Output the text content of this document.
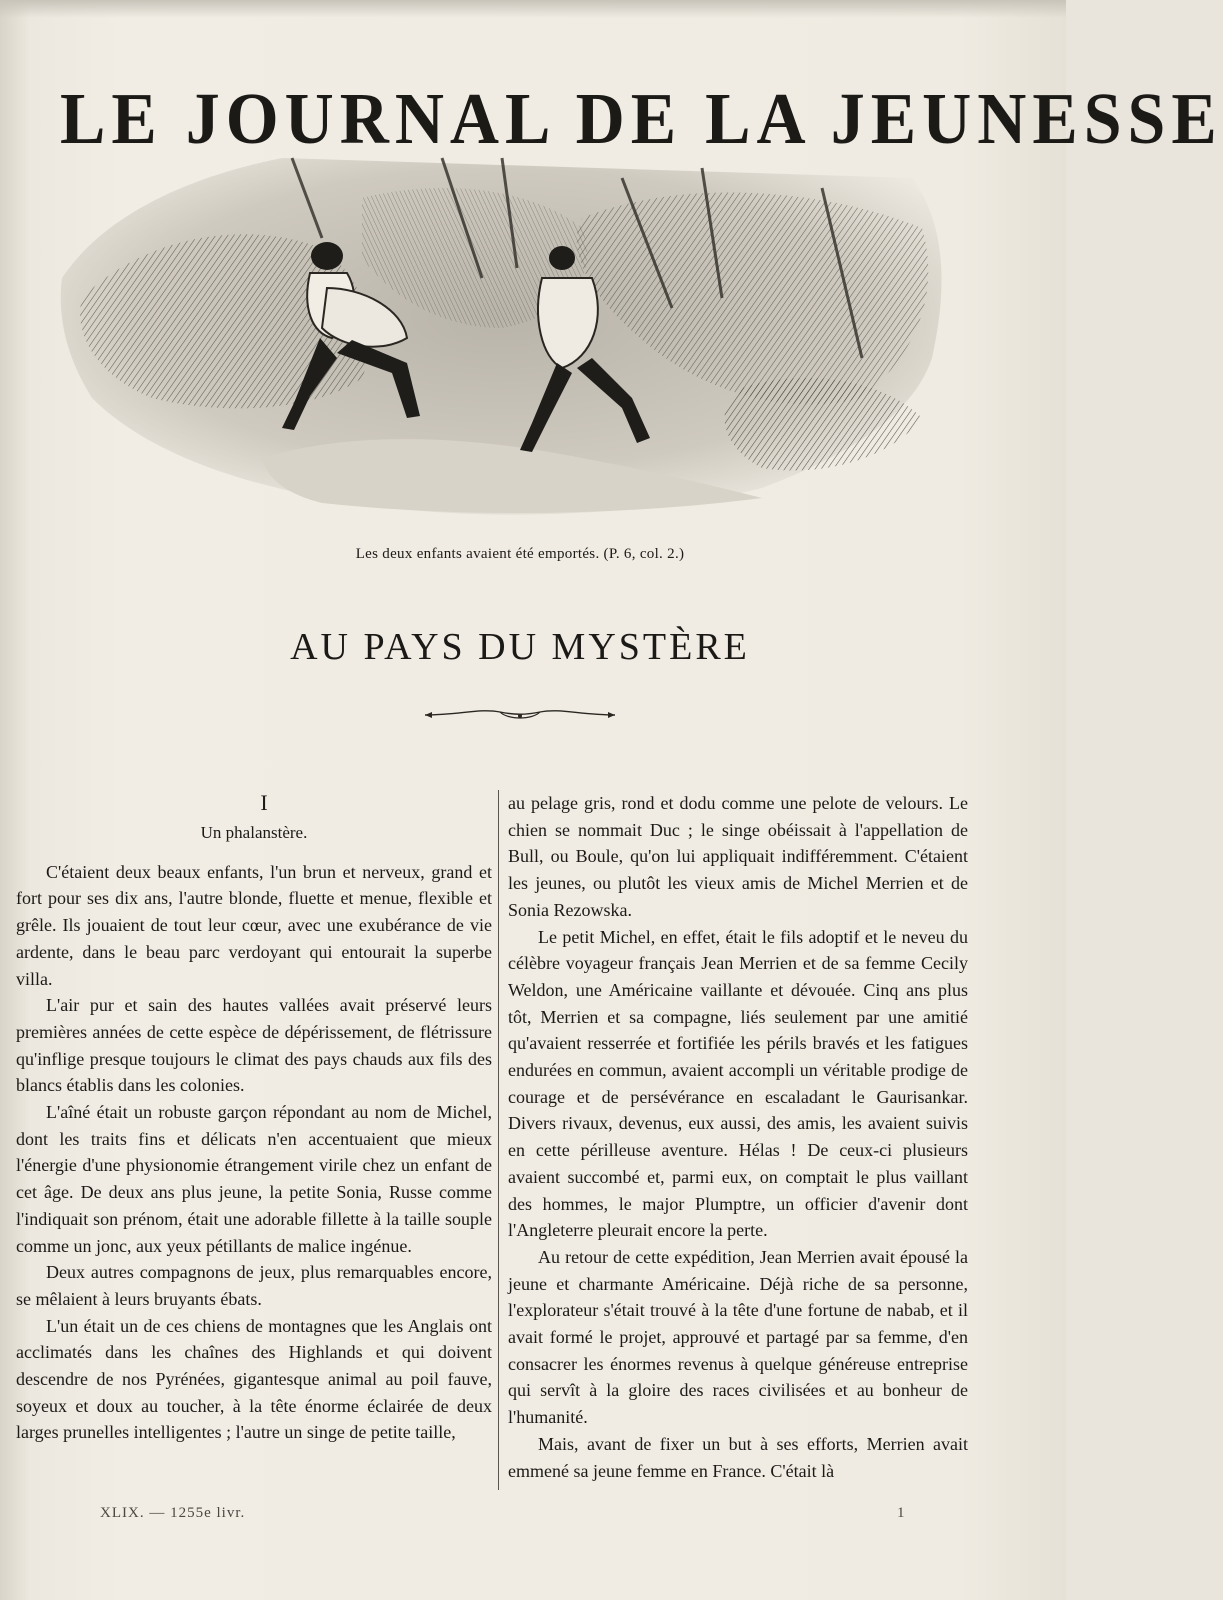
LE JOURNAL DE LA JEUNESSE
Les deux enfants avaient été emportés. (P. 6, col. 2.)
AU PAYS DU MYSTÈRE
I
Un phalanstère.

C'étaient deux beaux enfants, l'un brun et nerveux, grand et fort pour ses dix ans, l'autre blonde, fluette et menue, flexible et grêle. Ils jouaient de tout leur cœur, avec une exubérance de vie ardente, dans le beau parc verdoyant qui entourait la superbe villa.

L'air pur et sain des hautes vallées avait préservé leurs premières années de cette espèce de dépérissement, de flétrissure qu'inflige presque toujours le climat des pays chauds aux fils des blancs établis dans les colonies.

L'aîné était un robuste garçon répondant au nom de Michel, dont les traits fins et délicats n'en accentuaient que mieux l'énergie d'une physionomie étrangement virile chez un enfant de cet âge. De deux ans plus jeune, la petite Sonia, Russe comme l'indiquait son prénom, était une adorable fillette à la taille souple comme un jonc, aux yeux pétillants de malice ingénue.

Deux autres compagnons de jeux, plus remarquables encore, se mêlaient à leurs bruyants ébats.

L'un était un de ces chiens de montagnes que les Anglais ont acclimatés dans les chaînes des Highlands et qui doivent descendre de nos Pyrénées, gigantesque animal au poil fauve, soyeux et doux au toucher, à la tête énorme éclairée de deux larges prunelles intelligentes ; l'autre un singe de petite taille,

au pelage gris, rond et dodu comme une pelote de velours. Le chien se nommait Duc ; le singe obéissait à l'appellation de Bull, ou Boule, qu'on lui appliquait indifféremment. C'étaient les jeunes, ou plutôt les vieux amis de Michel Merrien et de Sonia Rezowska.

Le petit Michel, en effet, était le fils adoptif et le neveu du célèbre voyageur français Jean Merrien et de sa femme Cecily Weldon, une Américaine vaillante et dévouée. Cinq ans plus tôt, Merrien et sa compagne, liés seulement par une amitié qu'avaient resserrée et fortifiée les périls bravés et les fatigues endurées en commun, avaient accompli un véritable prodige de courage et de persévérance en escaladant le Gaurisankar. Divers rivaux, devenus, eux aussi, des amis, les avaient suivis en cette périlleuse aventure. Hélas ! De ceux-ci plusieurs avaient succombé et, parmi eux, on comptait le plus vaillant des hommes, le major Plumptre, un officier d'avenir dont l'Angleterre pleurait encore la perte.

Au retour de cette expédition, Jean Merrien avait épousé la jeune et charmante Américaine. Déjà riche de sa personne, l'explorateur s'était trouvé à la tête d'une fortune de nabab, et il avait formé le projet, approuvé et partagé par sa femme, d'en consacrer les énormes revenus à quelque généreuse entreprise qui servît à la gloire des races civilisées et au bonheur de l'humanité.

Mais, avant de fixer un but à ses efforts, Merrien avait emmené sa jeune femme en France. C'était là

XLIX. — 1255e livr.	1
